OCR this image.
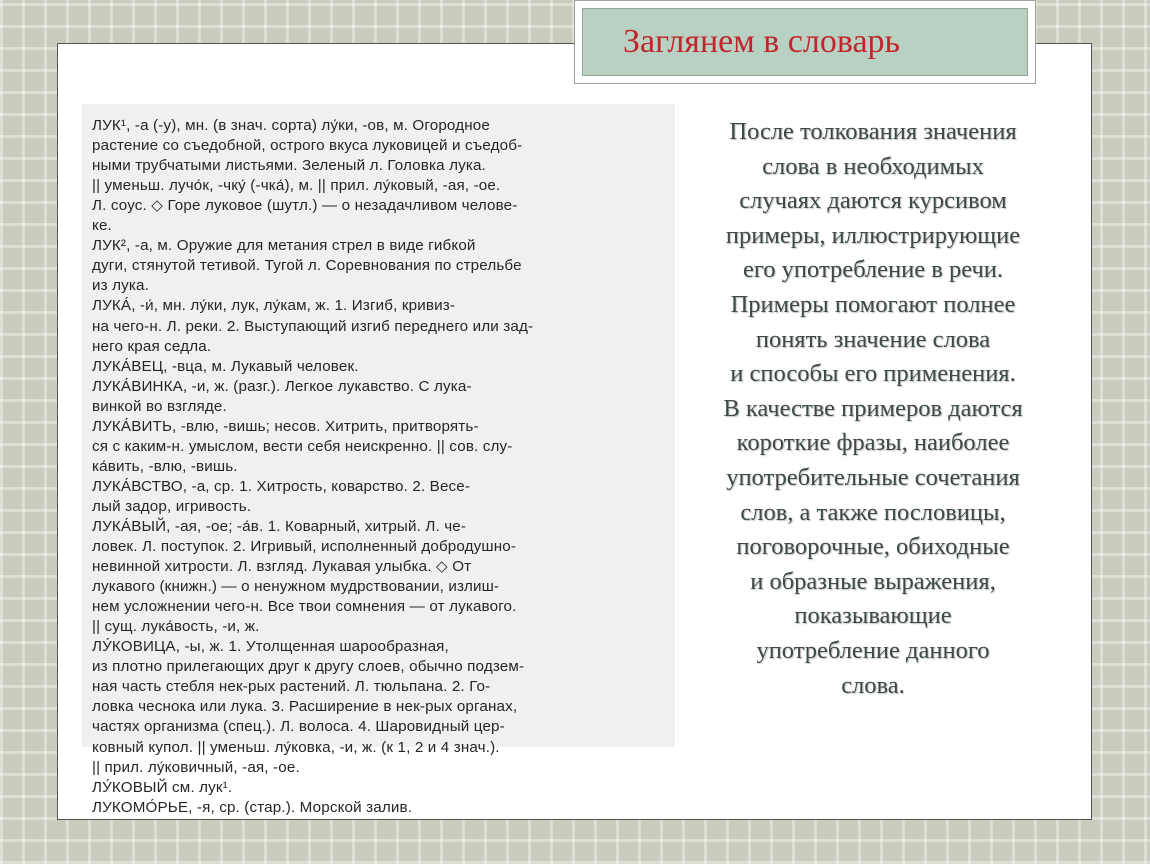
Заглянем в словарь

ЛУК¹, -а (-у), мн. (в знач. сорта) лу́ки, -ов, м. Огородное
растение со съедобной, острого вкуса луковицей и съедоб-
ными трубчатыми листьями. Зеленый л. Головка лука.
|| уменьш. лучо́к, -чку́ (-чка́), м. || прил. лу́ковый, -ая, -ое.
Л. соус. ◇ Горе луковое (шутл.) — о незадачливом челове-
ке.
ЛУК², -а, м. Оружие для метания стрел в виде гибкой
дуги, стянутой тетивой. Тугой л. Соревнования по стрельбе
из лука.
ЛУКА́, -и́, мн. лу́ки, лук, лу́кам, ж. 1. Изгиб, кривиз-
на чего-н. Л. реки. 2. Выступающий изгиб переднего или зад-
него края седла.
ЛУКА́ВЕЦ, -вца, м. Лукавый человек.
ЛУКА́ВИНКА, -и, ж. (разг.). Легкое лукавство. С лука-
винкой во взгляде.
ЛУКА́ВИТЬ, -влю, -вишь; несов. Хитрить, притворять-
ся с каким-н. умыслом, вести себя неискренно. || сов. слу-
ка́вить, -влю, -вишь.
ЛУКА́ВСТВО, -а, ср. 1. Хитрость, коварство. 2. Весе-
лый задор, игривость.
ЛУКА́ВЫЙ, -ая, -ое; -а́в. 1. Коварный, хитрый. Л. че-
ловек. Л. поступок. 2. Игривый, исполненный добродушно-
невинной хитрости. Л. взгляд. Лукавая улыбка. ◇ От
лукавого (книжн.) — о ненужном мудрствовании, излиш-
нем усложнении чего-н. Все твои сомнения — от лукавого.
|| сущ. лука́вость, -и, ж.
ЛУ́КОВИЦА, -ы, ж. 1. Утолщенная шарообразная,
из плотно прилегающих друг к другу слоев, обычно подзем-
ная часть стебля нек-рых растений. Л. тюльпана. 2. Го-
ловка чеснока или лука. 3. Расширение в нек-рых органах,
частях организма (спец.). Л. волоса. 4. Шаровидный цер-
ковный купол. || уменьш. лу́ковка, -и, ж. (к 1, 2 и 4 знач.).
|| прил. лу́ковичный, -ая, -ое.
ЛУ́КОВЫЙ см. лук¹.
ЛУКОМО́РЬЕ, -я, ср. (стар.). Морской залив.
После толкования значения
слова в необходимых
случаях даются курсивом
примеры, иллюстрирующие
его употребление в речи.
Примеры помогают полнее
понять значение слова
и способы его применения.
В качестве примеров даются
короткие фразы, наиболее
употребительные сочетания
слов, а также пословицы,
поговорочные, обиходные
и образные выражения,
показывающие
употребление данного
слова.
